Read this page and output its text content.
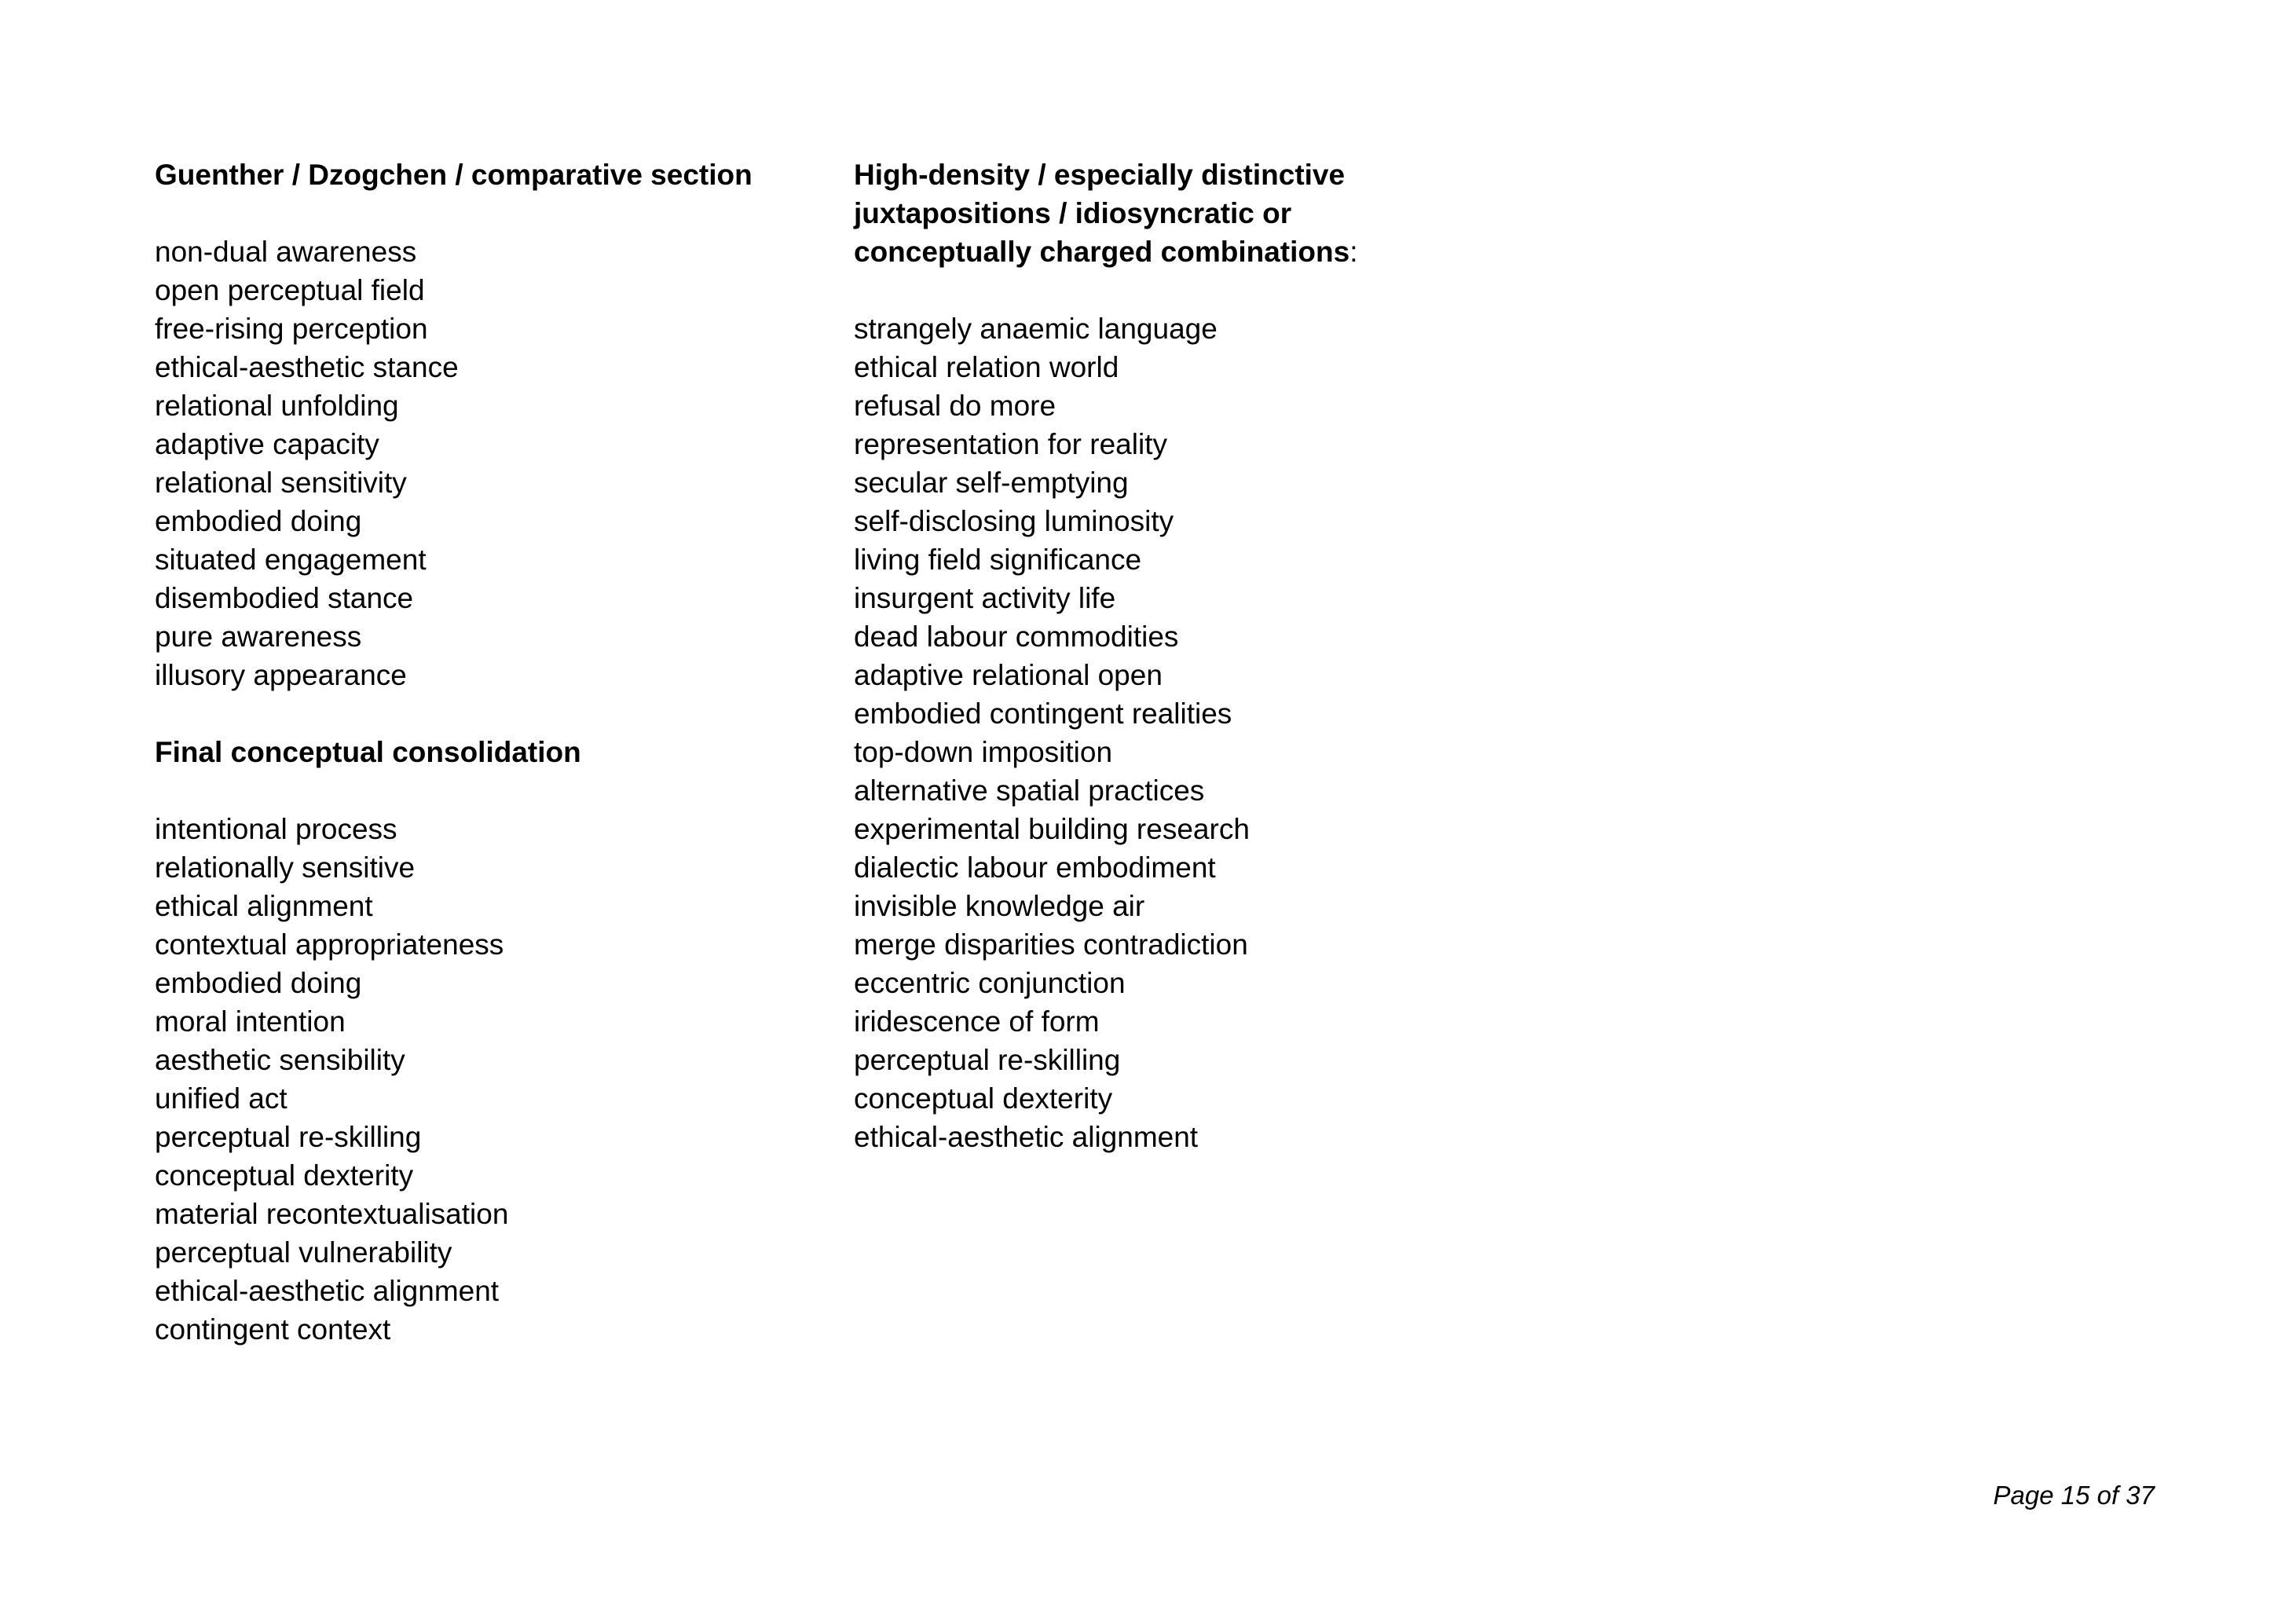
Guenther / Dzogchen / comparative section
non-dual awareness
open perceptual field
free-rising perception
ethical-aesthetic stance
relational unfolding
adaptive capacity
relational sensitivity
embodied doing
situated engagement
disembodied stance
pure awareness
illusory appearance
Final conceptual consolidation
intentional process
relationally sensitive
ethical alignment
contextual appropriateness
embodied doing
moral intention
aesthetic sensibility
unified act
perceptual re-skilling
conceptual dexterity
material recontextualisation
perceptual vulnerability
ethical-aesthetic alignment
contingent context
High-density / especially distinctive
juxtapositions / idiosyncratic or
conceptually charged combinations:
strangely anaemic language
ethical relation world
refusal do more
representation for reality
secular self-emptying
self-disclosing luminosity
living field significance
insurgent activity life
dead labour commodities
adaptive relational open
embodied contingent realities
top-down imposition
alternative spatial practices
experimental building research
dialectic labour embodiment
invisible knowledge air
merge disparities contradiction
eccentric conjunction
iridescence of form
perceptual re-skilling
conceptual dexterity
ethical-aesthetic alignment
Page 15 of 37
